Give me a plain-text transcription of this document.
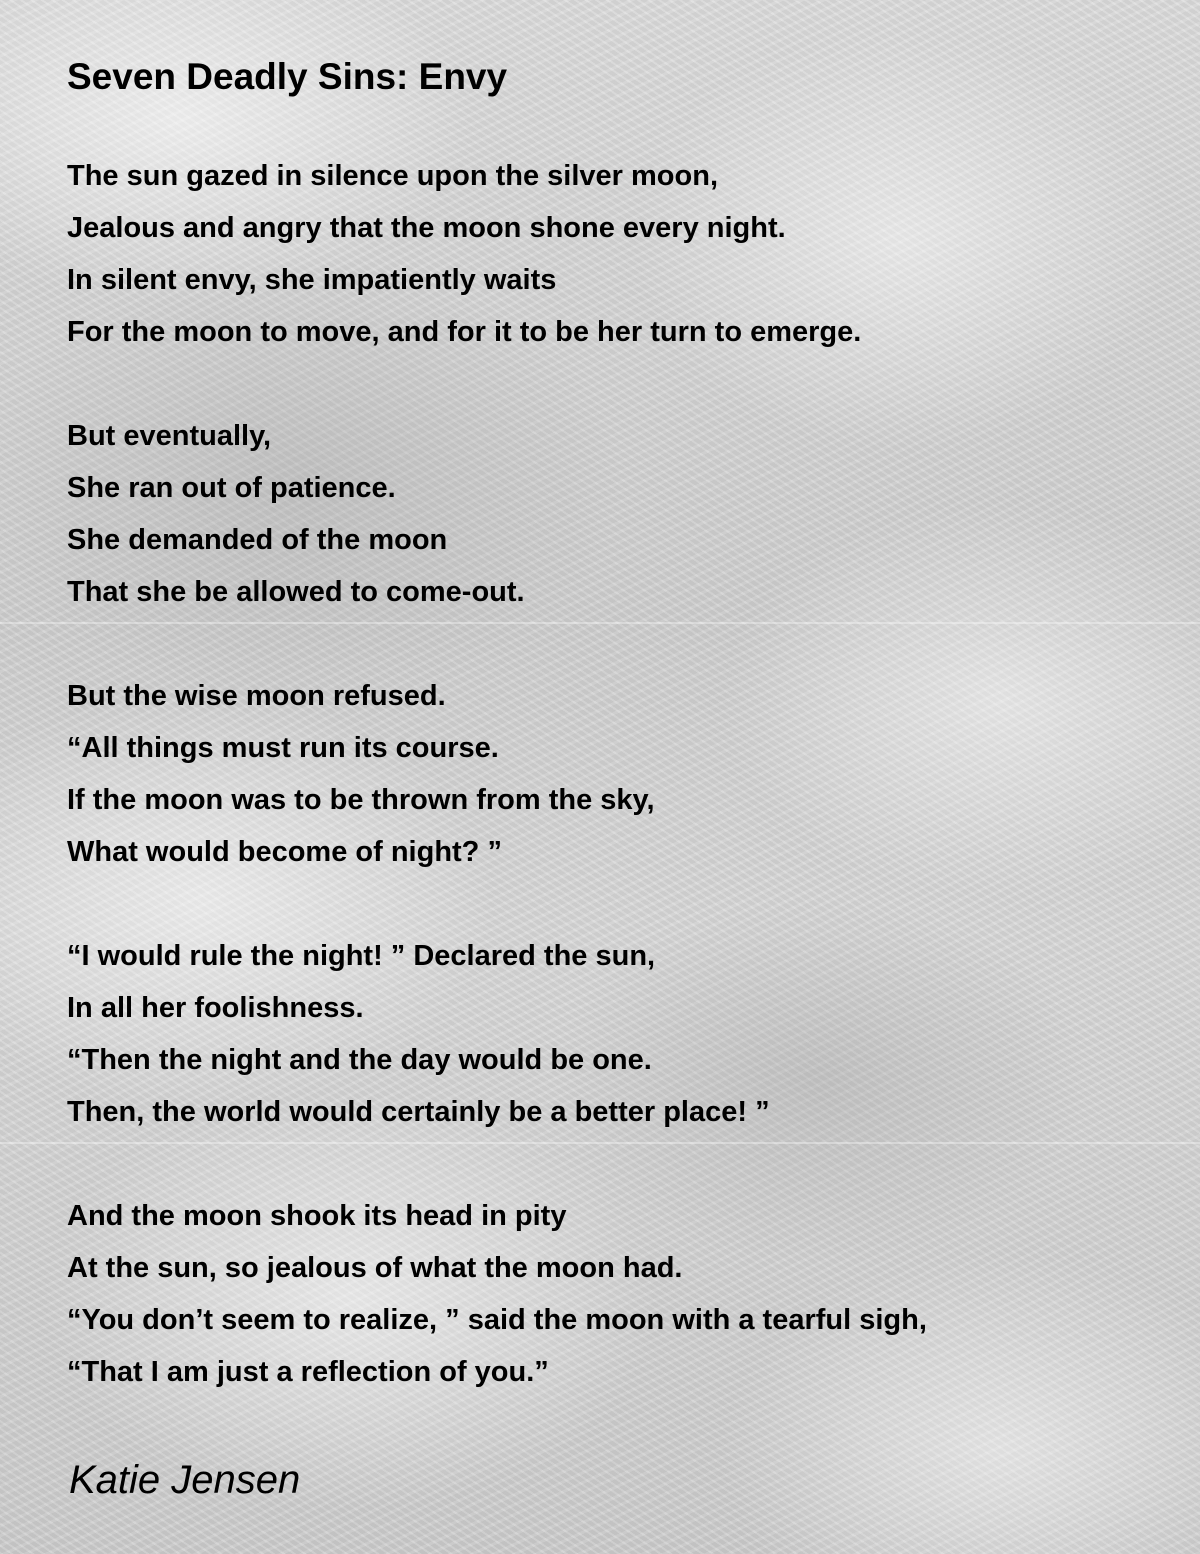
Seven Deadly Sins: Envy

The sun gazed in silence upon the silver moon,
Jealous and angry that the moon shone every night.
In silent envy, she impatiently waits
For the moon to move, and for it to be her turn to emerge.

But eventually,
She ran out of patience.
She demanded of the moon
That she be allowed to come-out.

But the wise moon refused.
“All things must run its course.
If the moon was to be thrown from the sky,
What would become of night? ”

“I would rule the night! ” Declared the sun,
In all her foolishness.
“Then the night and the day would be one.
Then, the world would certainly be a better place! ”

And the moon shook its head in pity
At the sun, so jealous of what the moon had.
“You don’t seem to realize, ” said the moon with a tearful sigh,
“That I am just a reflection of you.”

Katie Jensen
